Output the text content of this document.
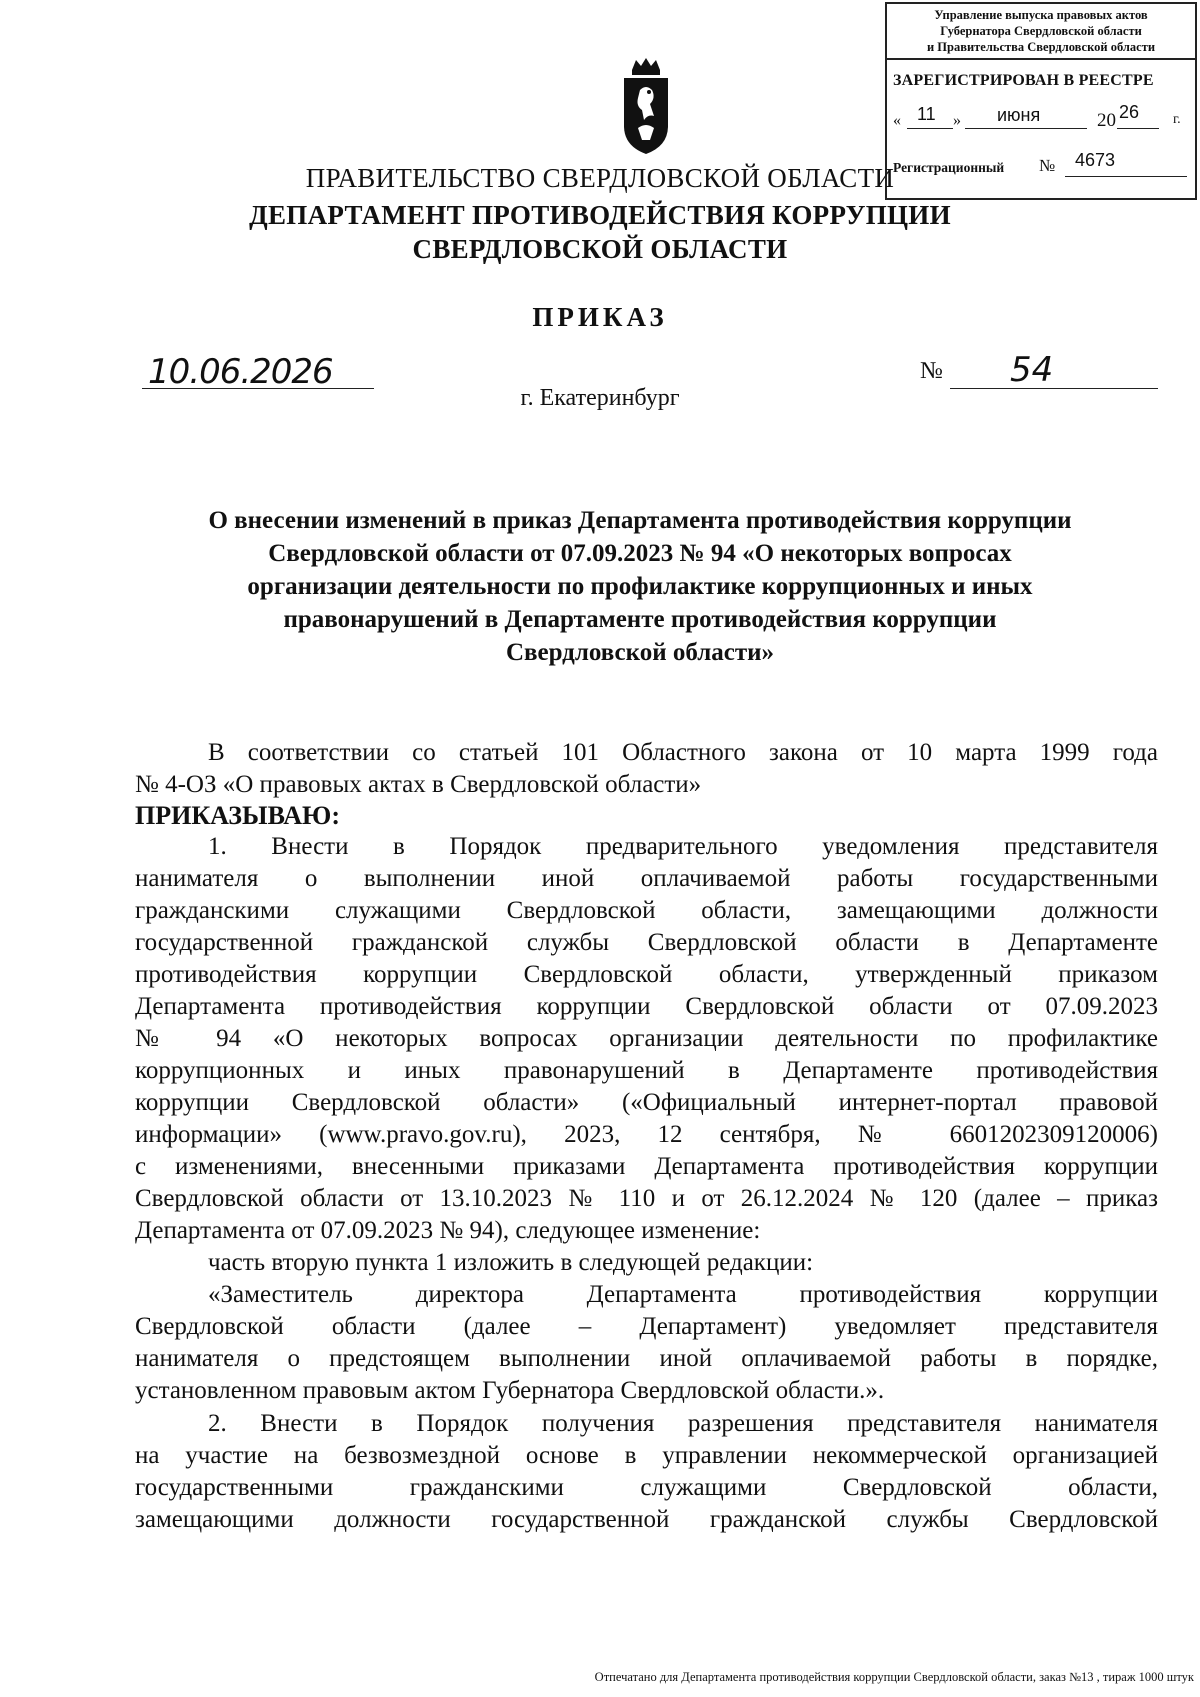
Управление выпуска правовых актов
Губернатора Свердловской области
и Правительства Свердловской области
ЗАРЕГИСТРИРОВАН В РЕЕСТРЕ
« 11 » июня	20 26 г.
Регистрационный № 4673
ПРАВИТЕЛЬСТВО СВЕРДЛОВСКОЙ ОБЛАСТИ
ДЕПАРТАМЕНТ ПРОТИВОДЕЙСТВИЯ КОРРУПЦИИ
СВЕРДЛОВСКОЙ ОБЛАСТИ
ПРИКАЗ
10.06.2026	№ 54
г. Екатеринбург
О внесении изменений в приказ Департамента противодействия коррупции
Свердловской области от 07.09.2023 № 94 «О некоторых вопросах
организации деятельности по профилактике коррупционных и иных
правонарушений в Департаменте противодействия коррупции
Свердловской области»
В соответствии со статьей 101 Областного закона от 10 марта 1999 года
№ 4-ОЗ «О правовых актах в Свердловской области»
ПРИКАЗЫВАЮ:
1. Внести в Порядок предварительного уведомления представителя
нанимателя о выполнении иной оплачиваемой работы государственными
гражданскими служащими Свердловской области, замещающими должности
государственной гражданской службы Свердловской области в Департаменте
противодействия коррупции Свердловской области, утвержденный приказом
Департамента противодействия коррупции Свердловской области от 07.09.2023
№ 94 «О некоторых вопросах организации деятельности по профилактике
коррупционных и иных правонарушений в Департаменте противодействия
коррупции Свердловской области» («Официальный интернет-портал правовой
информации» (www.pravo.gov.ru), 2023, 12 сентября, № 6601202309120006)
с изменениями, внесенными приказами Департамента противодействия коррупции
Свердловской области от 13.10.2023 № 110 и от 26.12.2024 № 120 (далее – приказ
Департамента от 07.09.2023 № 94), следующее изменение:
часть вторую пункта 1 изложить в следующей редакции:
«Заместитель директора Департамента противодействия коррупции
Свердловской области (далее – Департамент) уведомляет представителя
нанимателя о предстоящем выполнении иной оплачиваемой работы в порядке,
установленном правовым актом Губернатора Свердловской области.».
2. Внести в Порядок получения разрешения представителя нанимателя
на участие на безвозмездной основе в управлении некоммерческой организацией
государственными гражданскими служащими Свердловской области,
замещающими должности государственной гражданской службы Свердловской
Отпечатано для Департамента противодействия коррупции Свердловской области, заказ №13 , тираж 1000 штук
